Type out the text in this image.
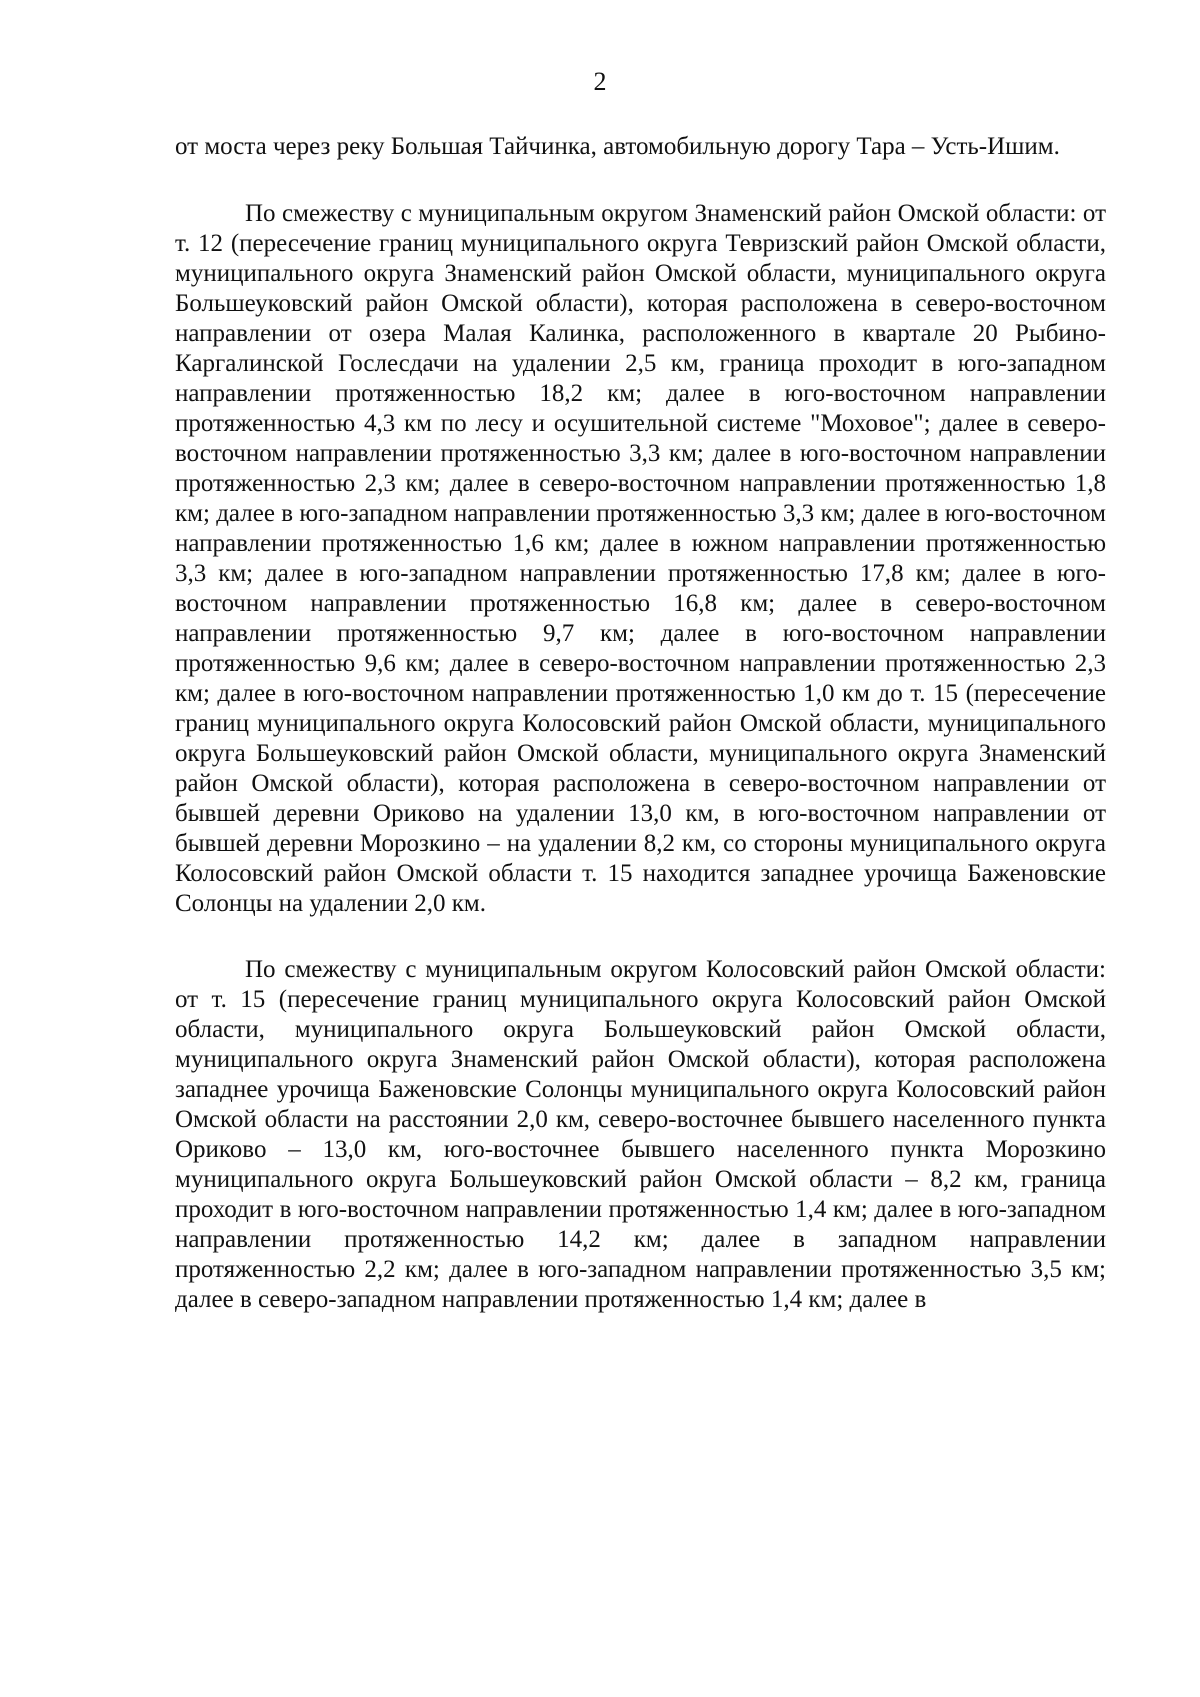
2

от моста через реку Большая Тайчинка, автомобильную дорогу Тара – Усть-Ишим.

По смежеству с муниципальным округом Знаменский район Омской области: от т. 12 (пересечение границ муниципального округа Тевризский район Омской области, муниципального округа Знаменский район Омской области, муниципального округа Большеуковский район Омской области), которая расположена в северо-восточном направлении от озера Малая Калинка, расположенного в квартале 20 Рыбино-Каргалинской Гослесдачи на удалении 2,5 км, граница проходит в юго-западном направлении протяженностью 18,2 км; далее в юго-восточном направлении протяженностью 4,3 км по лесу и осушительной системе "Моховое"; далее в северо-восточном направлении протяженностью 3,3 км; далее в юго-восточном направлении протяженностью 2,3 км; далее в северо-восточном направлении протяженностью 1,8 км; далее в юго-западном направлении протяженностью 3,3 км; далее в юго-восточном направлении протяженностью 1,6 км; далее в южном направлении протяженностью 3,3 км; далее в юго-западном направлении протяженностью 17,8 км; далее в юго-восточном направлении протяженностью 16,8 км; далее в северо-восточном направлении протяженностью 9,7 км; далее в юго-восточном направлении протяженностью 9,6 км; далее в северо-восточном направлении протяженностью 2,3 км; далее в юго-восточном направлении протяженностью 1,0 км до т. 15 (пересечение границ муниципального округа Колосовский район Омской области, муниципального округа Большеуковский район Омской области, муниципального округа Знаменский район Омской области), которая расположена в северо-восточном направлении от бывшей деревни Ориково на удалении 13,0 км, в юго-восточном направлении от бывшей деревни Морозкино – на удалении 8,2 км, со стороны муниципального округа Колосовский район Омской области т. 15 находится западнее урочища Баженовские Солонцы на удалении 2,0 км.

По смежеству с муниципальным округом Колосовский район Омской области: от т. 15 (пересечение границ муниципального округа Колосовский район Омской области, муниципального округа Большеуковский район Омской области, муниципального округа Знаменский район Омской области), которая расположена западнее урочища Баженовские Солонцы муниципального округа Колосовский район Омской области на расстоянии 2,0 км, северо-восточнее бывшего населенного пункта Ориково – 13,0 км, юго-восточнее бывшего населенного пункта Морозкино муниципального округа Большеуковский район Омской области – 8,2 км, граница проходит в юго-восточном направлении протяженностью 1,4 км; далее в юго-западном направлении протяженностью 14,2 км; далее в западном направлении протяженностью 2,2 км; далее в юго-западном направлении протяженностью 3,5 км; далее в северо-западном направлении протяженностью 1,4 км; далее в
